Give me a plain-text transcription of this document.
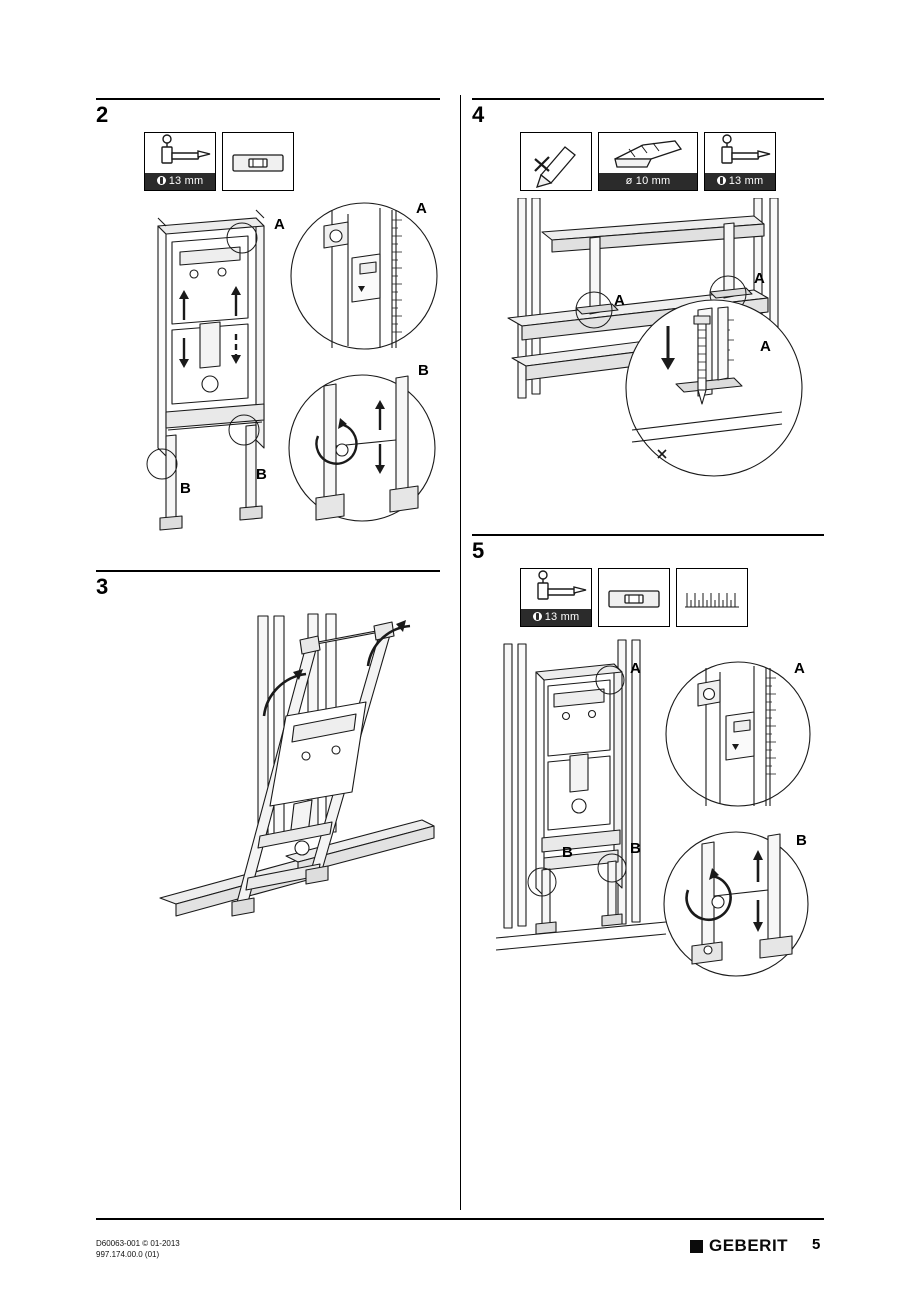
2
13 mm
A
A
B
B
B
3
4
ø 10 mm	13 mm
A
A
A
5
13 mm
A	A
B
B
B
D60063-001 © 01-2013
997.174.00.0 (01)	GEBERIT 5
